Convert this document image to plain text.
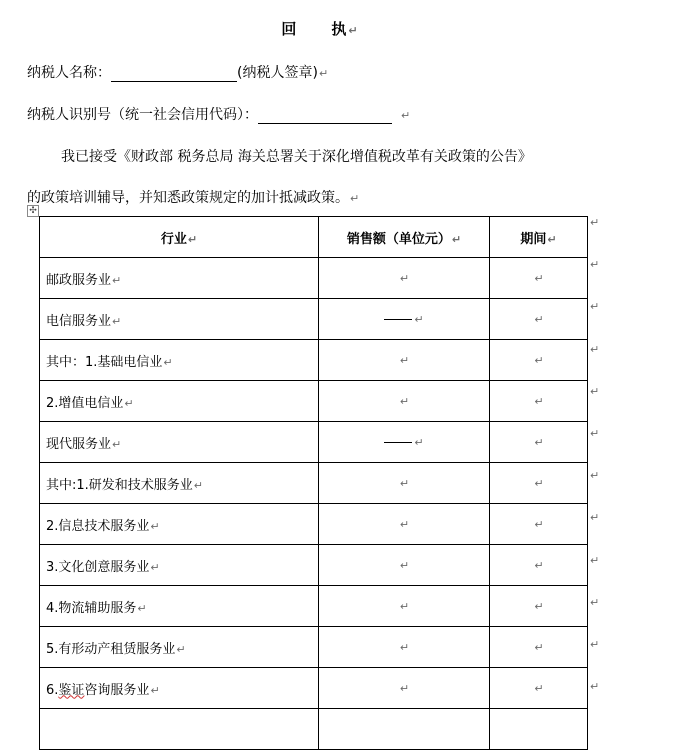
回 执↵
纳税人名称：	(纳税人签章)↵
纳税人识别号（统一社会信用代码）：	↵
我已接受《财政部 税务总局 海关总署关于深化增值税改革有关政策的公告》
的政策培训辅导，并知悉政策规定的加计抵减政策。↵
✣
行业↵	销售额（单位元）↵	期间↵
邮政服务业↵	↵	↵
电信服务业↵	↵	↵
其中：1.基础电信业↵	↵	↵
2.增值电信业↵	↵	↵
现代服务业↵	↵	↵
其中:1.研发和技术服务业↵	↵	↵
2.信息技术服务业↵	↵	↵
3.文化创意服务业↵	↵	↵
4.物流辅助服务↵	↵	↵
5.有形动产租赁服务业↵	↵	↵
6.鉴证咨询服务业↵	↵	↵

↵
↵
↵
↵
↵
↵
↵
↵
↵
↵
↵
↵
